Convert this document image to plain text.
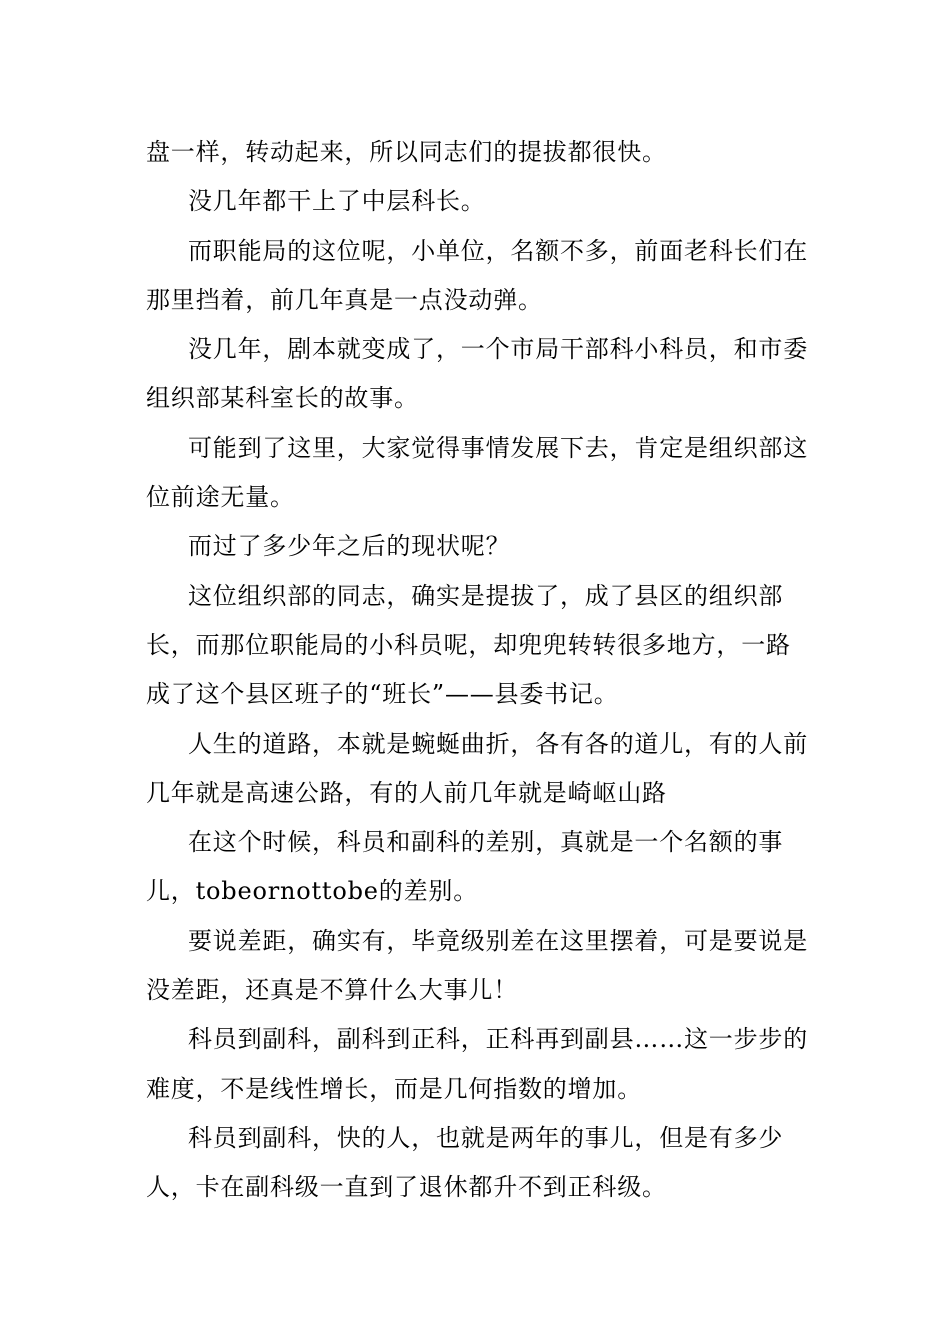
盘一样，转动起来，所以同志们的提拔都很快。

没几年都干上了中层科长。

而职能局的这位呢，小单位，名额不多，前面老科长们在那里挡着，前几年真是一点没动弹。

没几年，剧本就变成了，一个市局干部科小科员，和市委组织部某科室长的故事。

可能到了这里，大家觉得事情发展下去，肯定是组织部这位前途无量。

而过了多少年之后的现状呢？

这位组织部的同志，确实是提拔了，成了县区的组织部长，而那位职能局的小科员呢，却兜兜转转很多地方，一路成了这个县区班子的“班长”——县委书记。

人生的道路，本就是蜿蜒曲折，各有各的道儿，有的人前几年就是高速公路，有的人前几年就是崎岖山路

在这个时候，科员和副科的差别，真就是一个名额的事儿，tobeornottobe的差别。

要说差距，确实有，毕竟级别差在这里摆着，可是要说是没差距，还真是不算什么大事儿！

科员到副科，副科到正科，正科再到副县……这一步步的难度，不是线性增长，而是几何指数的增加。

科员到副科，快的人，也就是两年的事儿，但是有多少人，卡在副科级一直到了退休都升不到正科级。
